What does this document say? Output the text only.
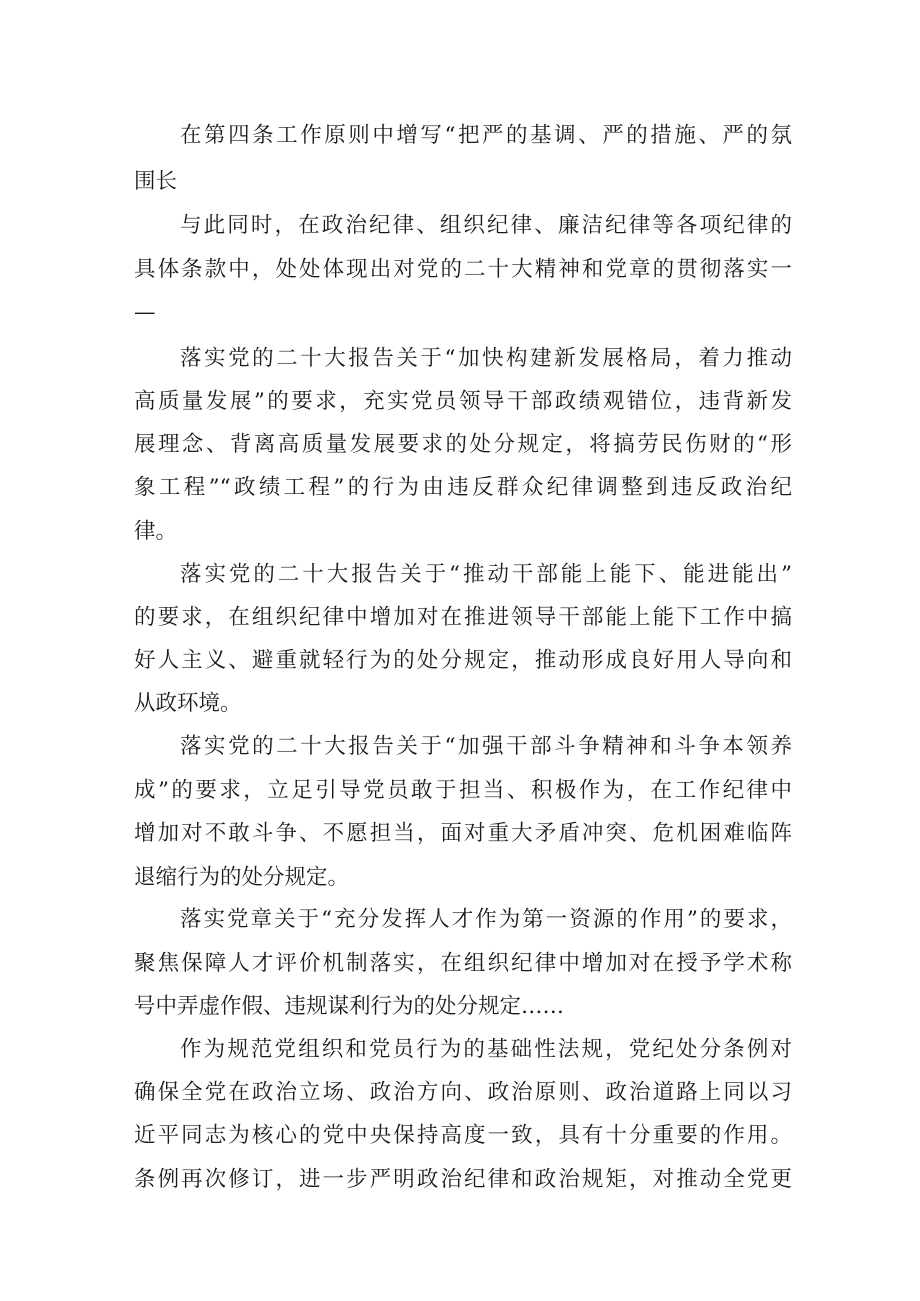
在第四条工作原则中增写“把严的基调、严的措施、严的氛
围长
与此同时，在政治纪律、组织纪律、廉洁纪律等各项纪律的
具体条款中，处处体现出对党的二十大精神和党章的贯彻落实一
—
落实党的二十大报告关于“加快构建新发展格局，着力推动
高质量发展”的要求，充实党员领导干部政绩观错位，违背新发
展理念、背离高质量发展要求的处分规定，将搞劳民伤财的“形
象工程”“政绩工程”的行为由违反群众纪律调整到违反政治纪
律。
落实党的二十大报告关于“推动干部能上能下、能进能出”
的要求，在组织纪律中增加对在推进领导干部能上能下工作中搞
好人主义、避重就轻行为的处分规定，推动形成良好用人导向和
从政环境。
落实党的二十大报告关于“加强干部斗争精神和斗争本领养
成”的要求，立足引导党员敢于担当、积极作为，在工作纪律中
增加对不敢斗争、不愿担当，面对重大矛盾冲突、危机困难临阵
退缩行为的处分规定。
落实党章关于“充分发挥人才作为第一资源的作用”的要求，
聚焦保障人才评价机制落实，在组织纪律中增加对在授予学术称
号中弄虚作假、违规谋利行为的处分规定……
作为规范党组织和党员行为的基础性法规，党纪处分条例对
确保全党在政治立场、政治方向、政治原则、政治道路上同以习
近平同志为核心的党中央保持高度一致，具有十分重要的作用。
条例再次修订，进一步严明政治纪律和政治规矩，对推动全党更
